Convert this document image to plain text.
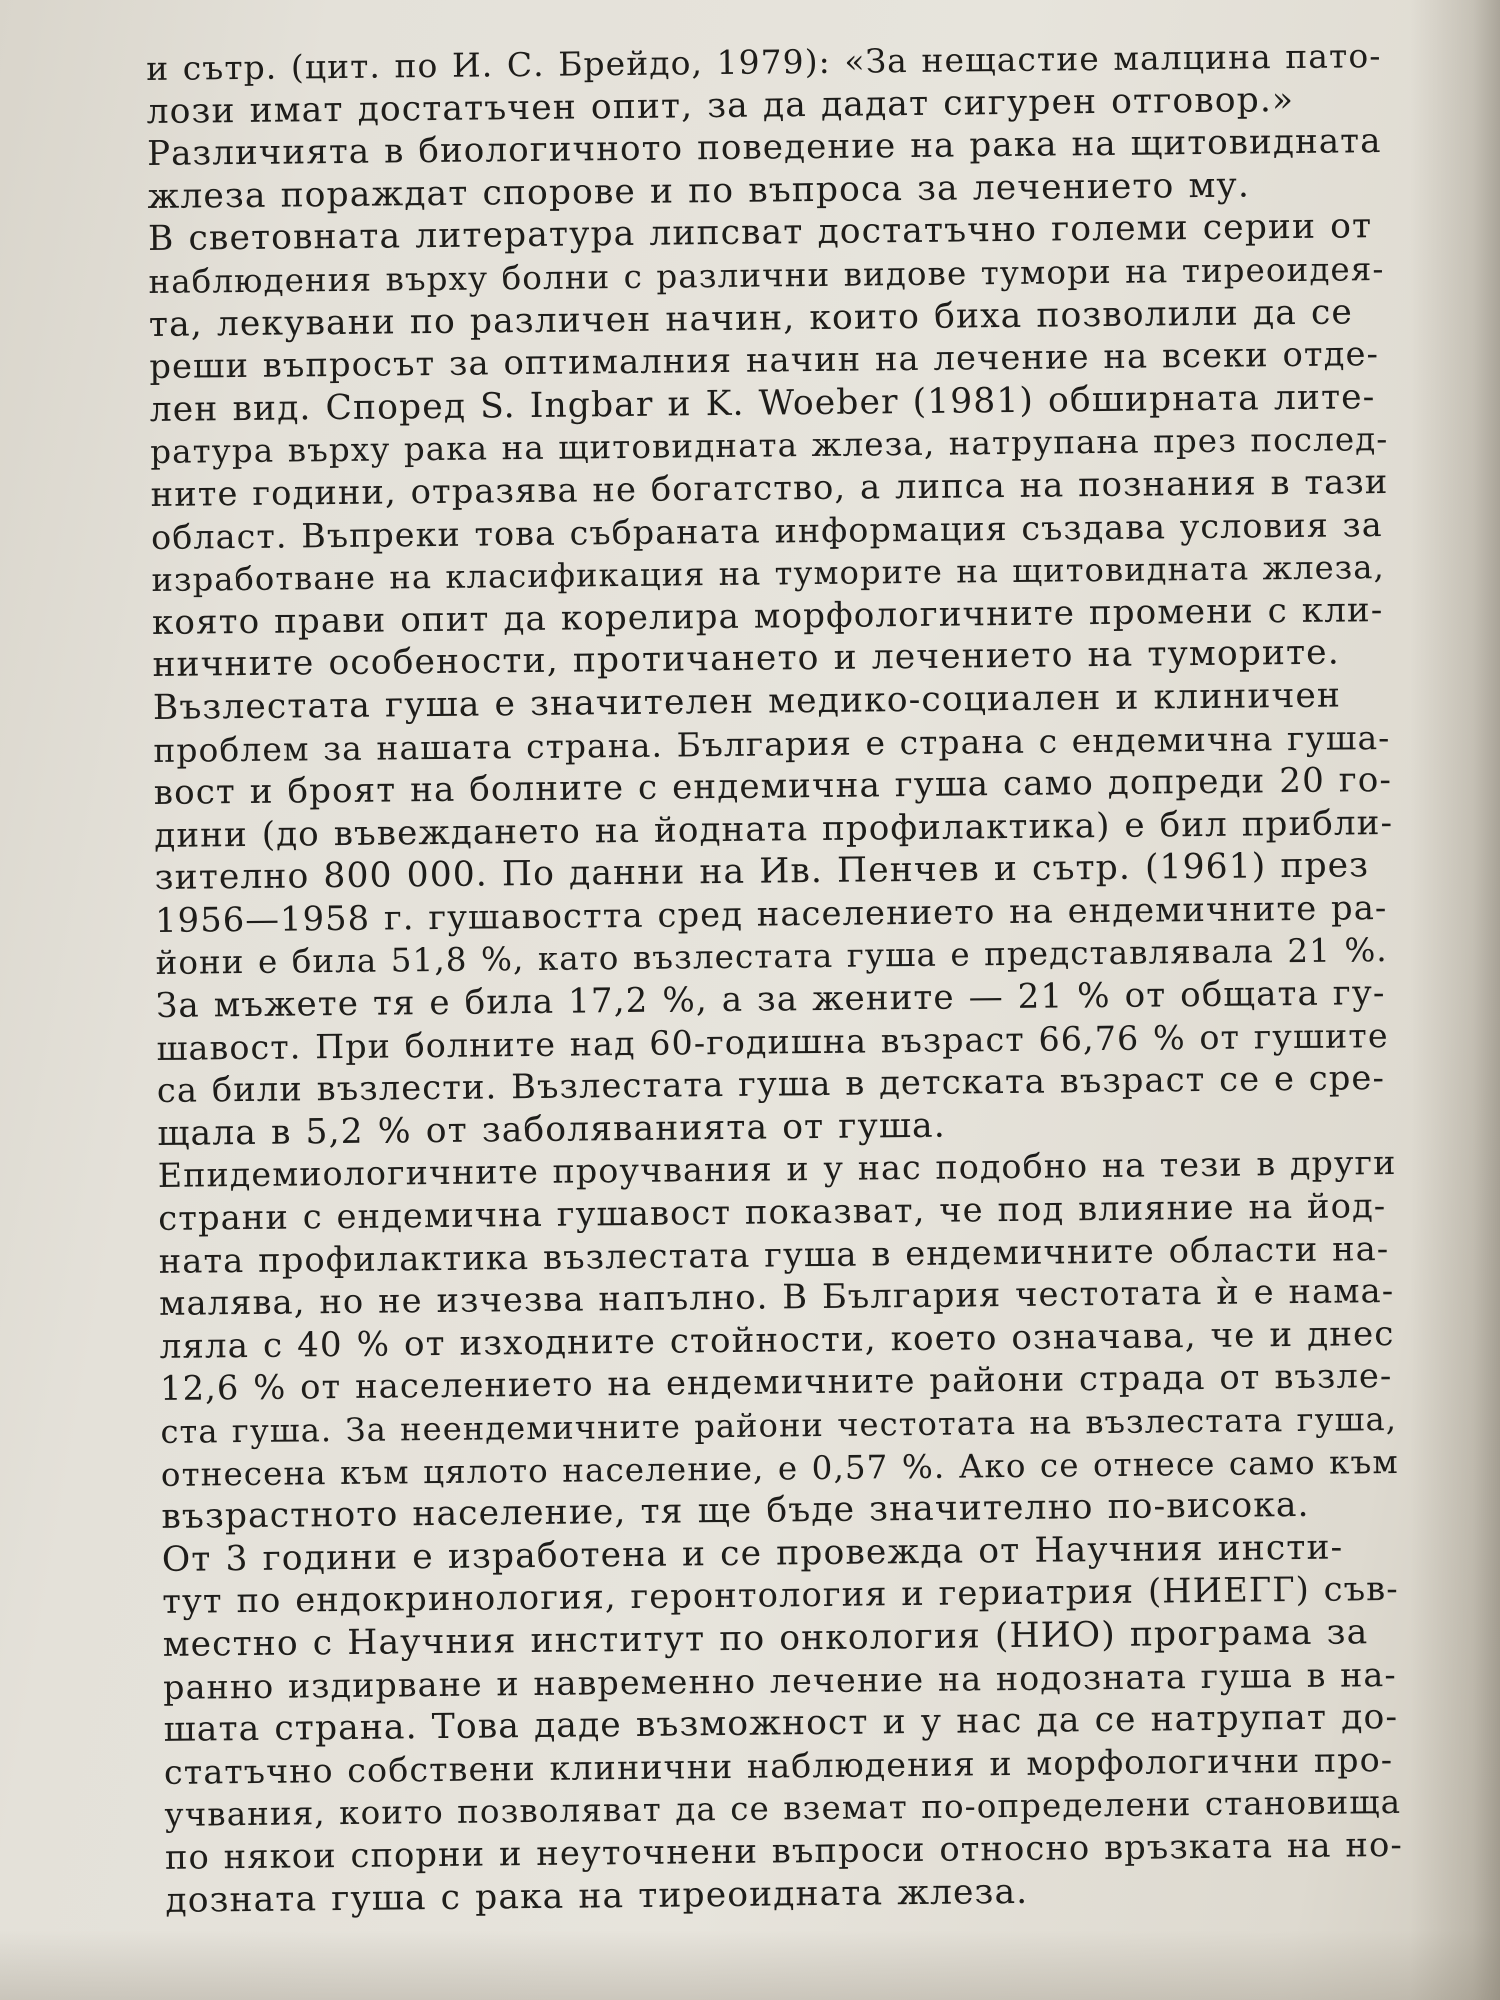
и сътр. (цит. по И. С. Брейдо, 1979): «За нещастие малцина пато-
лози имат достатъчен опит, за да дадат сигурен отговор.»
Различията в биологичното поведение на рака на щитовидната
жлеза пораждат спорове и по въпроса за лечението му.
В световната литература липсват достатъчно големи серии от
наблюдения върху болни с различни видове тумори на тиреоидея-
та, лекувани по различен начин, които биха позволили да се
реши въпросът за оптималния начин на лечение на всеки отде-
лен вид. Според S. Ingbar и K. Woeber (1981) обширната лите-
ратура върху рака на щитовидната жлеза, натрупана през послед-
ните години, отразява не богатство, а липса на познания в тази
област. Въпреки това събраната информация създава условия за
изработване на класификация на туморите на щитовидната жлеза,
която прави опит да корелира морфологичните промени с кли-
ничните особености, протичането и лечението на туморите.
Възлестата гуша е значителен медико-социален и клиничен
проблем за нашата страна. България е страна с ендемична гуша-
вост и броят на болните с ендемична гуша само допреди 20 го-
дини (до въвеждането на йодната профилактика) е бил прибли-
зително 800 000. По данни на Ив. Пенчев и сътр. (1961) през
1956—1958 г. гушавостта сред населението на ендемичните ра-
йони е била 51,8 %, като възлестата гуша е представлявала 21 %.
За мъжете тя е била 17,2 %, а за жените — 21 % от общата гу-
шавост. При болните над 60-годишна възраст 66,76 % от гушите
са били възлести. Възлестата гуша в детската възраст се е сре-
щала в 5,2 % от заболяванията от гуша.
Епидемиологичните проучвания и у нас подобно на тези в други
страни с ендемична гушавост показват, че под влияние на йод-
ната профилактика възлестата гуша в ендемичните области на-
малява, но не изчезва напълно. В България честотата ѝ е нама-
ляла с 40 % от изходните стойности, което означава, че и днес
12,6 % от населението на ендемичните райони страда от възле-
ста гуша. За неендемичните райони честотата на възлестата гуша,
отнесена към цялото население, е 0,57 %. Ако се отнесе само към
възрастното население, тя ще бъде значително по-висока.
От 3 години е изработена и се провежда от Научния инсти-
тут по ендокринология, геронтология и гериатрия (НИЕГГ) съв-
местно с Научния институт по онкология (НИО) програма за
ранно издирване и навременно лечение на нодозната гуша в на-
шата страна. Това даде възможност и у нас да се натрупат до-
статъчно собствени клинични наблюдения и морфологични про-
учвания, които позволяват да се вземат по-определени становища
по някои спорни и неуточнени въпроси относно връзката на но-
дозната гуша с рака на тиреоидната жлеза.
